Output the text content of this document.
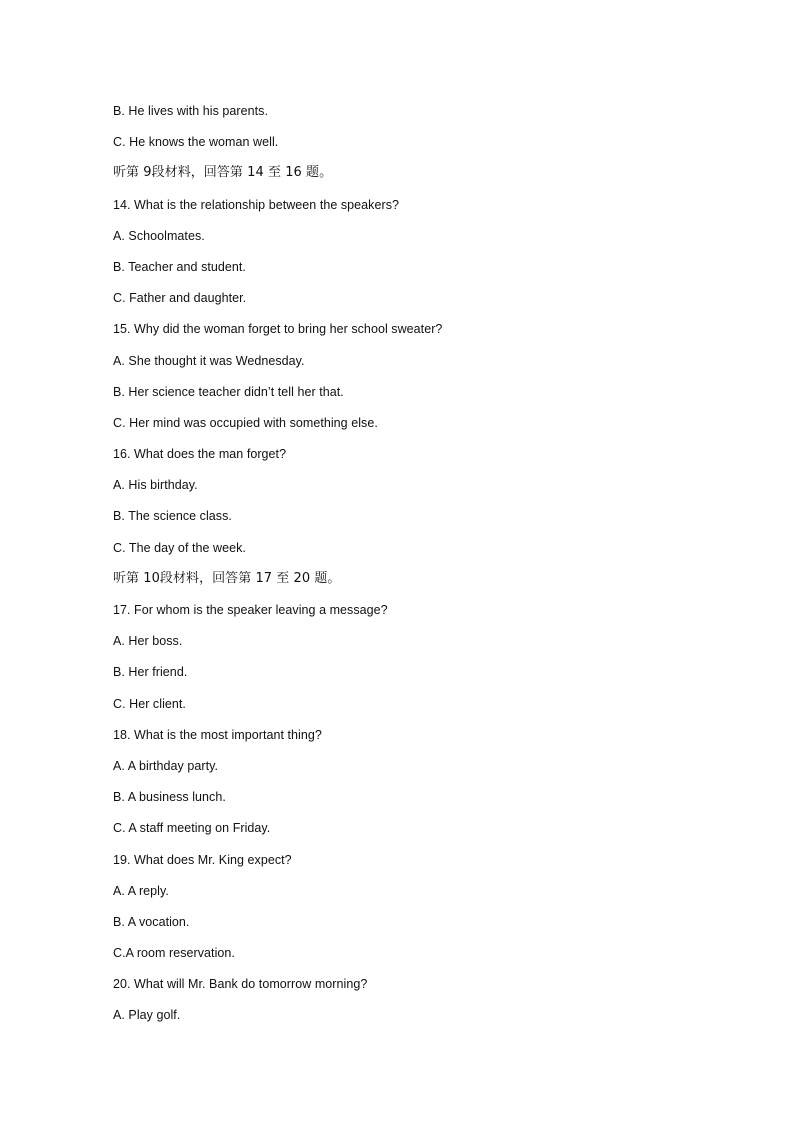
B. He lives with his parents.
C. He knows the woman well.
听第 9段材料，回答第 14 至 16 题。
14. What is the relationship between the speakers?
A. Schoolmates.
B. Teacher and student.
C. Father and daughter.
15. Why did the woman forget to bring her school sweater?
A. She thought it was Wednesday.
B. Her science teacher didn’t tell her that.
C. Her mind was occupied with something else.
16. What does the man forget?
A. His birthday.
B. The science class.
C. The day of the week.
听第 10段材料，回答第 17 至 20 题。
17. For whom is the speaker leaving a message?
A. Her boss.
B. Her friend.
C. Her client.
18. What is the most important thing?
A. A birthday party.
B. A business lunch.
C. A staff meeting on Friday.
19. What does Mr. King expect?
A. A reply.
B. A vocation.
C.A room reservation.
20. What will Mr. Bank do tomorrow morning?
A. Play golf.
